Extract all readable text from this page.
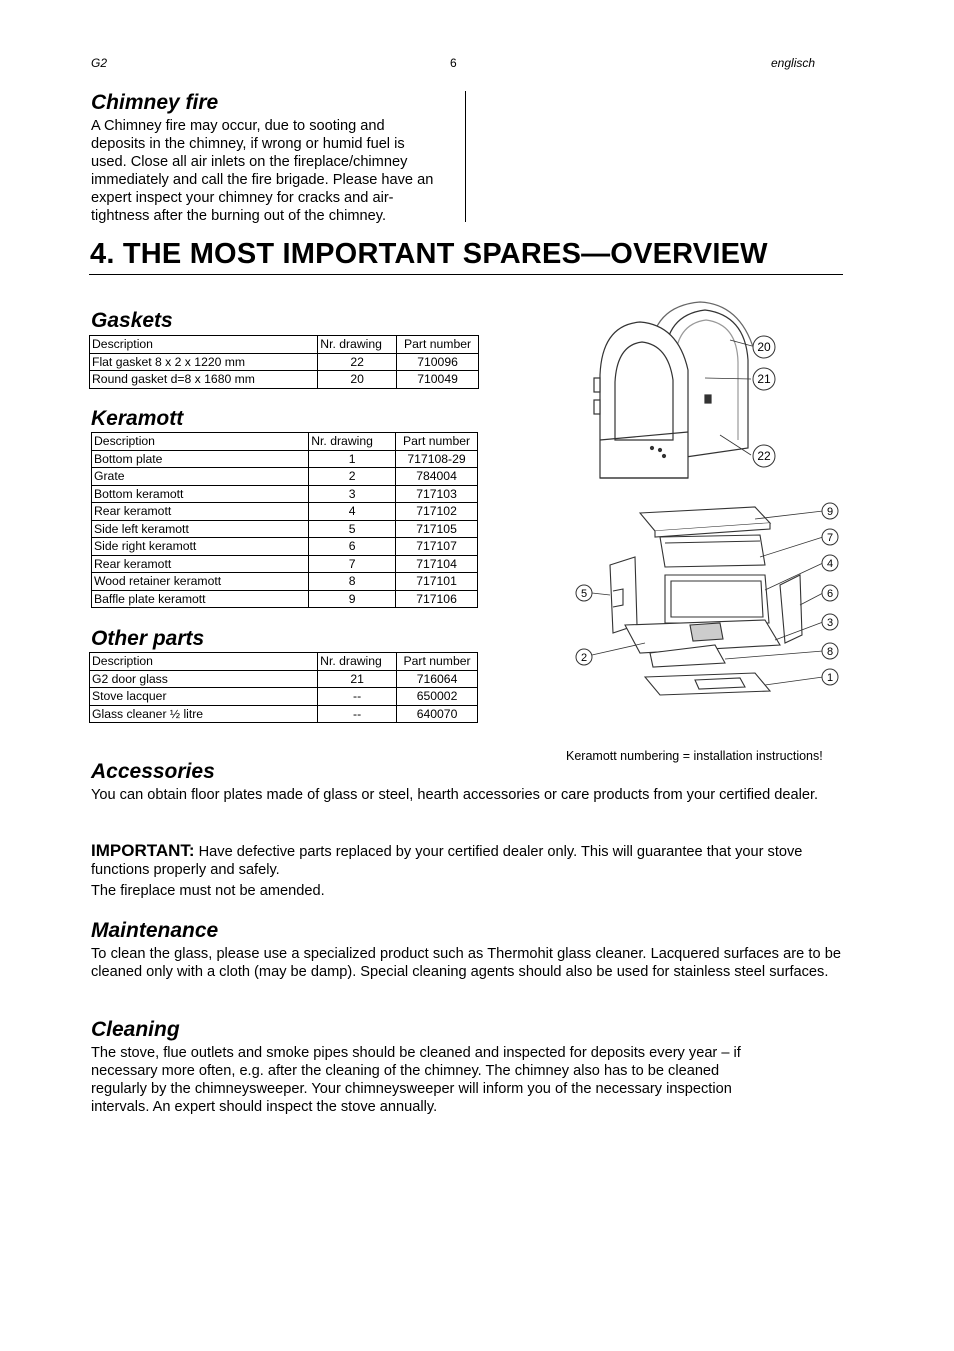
G2	6	englisch
Chimney fire
A Chimney fire may occur, due to sooting and
deposits in the chimney, if wrong or humid fuel is
used. Close all air inlets on the fireplace/chimney
immediately and call the fire brigade. Please have an
expert inspect your chimney for cracks and air-
tightness after the burning out of the chimney.
4. THE MOST IMPORTANT SPARES—OVERVIEW
Gaskets
Description	Nr. drawing	Part number
Flat gasket 8 x 2 x 1220 mm	22	710096
Round gasket d=8 x 1680 mm	20	710049
Keramott
Description	Nr. drawing	Part number
Bottom plate	1	717108-29
Grate	2	784004
Bottom keramott	3	717103
Rear keramott	4	717102
Side left keramott	5	717105
Side right keramott	6	717107
Rear keramott	7	717104
Wood retainer keramott	8	717101
Baffle plate keramott	9	717106
Other parts
Description	Nr. drawing	Part number
G2 door glass	21	716064
Stove lacquer	--	650002
Glass cleaner ½ litre	--	640070
20
21
22
9
7
4
6
3
8
1
5
2
Keramott numbering = installation instructions!
Accessories
You can obtain floor plates made of glass or steel, hearth accessories or care products from your certified dealer.
IMPORTANT: Have defective parts replaced by your certified dealer only. This will guarantee that your stove functions properly and safely.
The fireplace must not be amended.
Maintenance
To clean the glass, please use a specialized product such as Thermohit glass cleaner. Lacquered surfaces are to be cleaned only with a cloth (may be damp). Special cleaning agents should also be used for stainless steel surfaces.
Cleaning
The stove, flue outlets and smoke pipes should be cleaned and inspected for deposits every year – if
necessary more often, e.g. after the cleaning of the chimney. The chimney also has to be cleaned
regularly by the chimneysweeper. Your chimneysweeper will inform you of the necessary inspection
intervals. An expert should inspect the stove annually.
